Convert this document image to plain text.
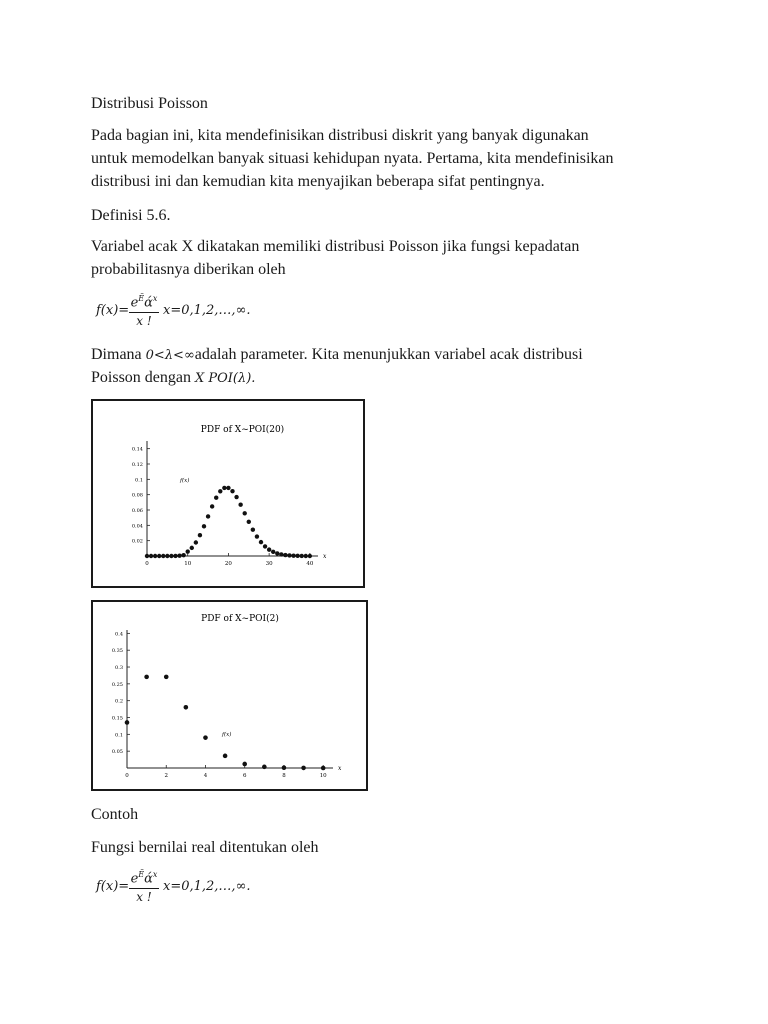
Distribusi Poisson
Pada bagian ini, kita mendefinisikan distribusi diskrit yang banyak digunakan
untuk memodelkan banyak situasi kehidupan nyata. Pertama, kita mendefinisikan
distribusi ini dan kemudian kita menyajikan beberapa sifat pentingnya.
Definisi 5.6.
Variabel acak X dikatakan memiliki distribusi Poisson jika fungsi kepadatan
probabilitasnya diberikan oleh
f(x)=
$e^Ẽά^x$
x !
x=0,1,2,…,∞.
Dimana 0<λ<∞adalah parameter. Kita menunjukkan variabel acak distribusi
Poisson dengan X POI(λ).
Contoh
Fungsi bernilai real ditentukan oleh
f(x)=
$e^Ẽά^x$
x !
x=0,1,2,…,∞.
PDF of X~POI(20)
0.02
0.04
0.06
0.08
0.1
0.12
0.14
0	10	20	30	40
x
f(x)
PDF of X~POI(2)
0.05
0.1
0.15
0.2
0.25
0.3
0.35
0.4
0	2	4	6	8	10
x
f(x)
